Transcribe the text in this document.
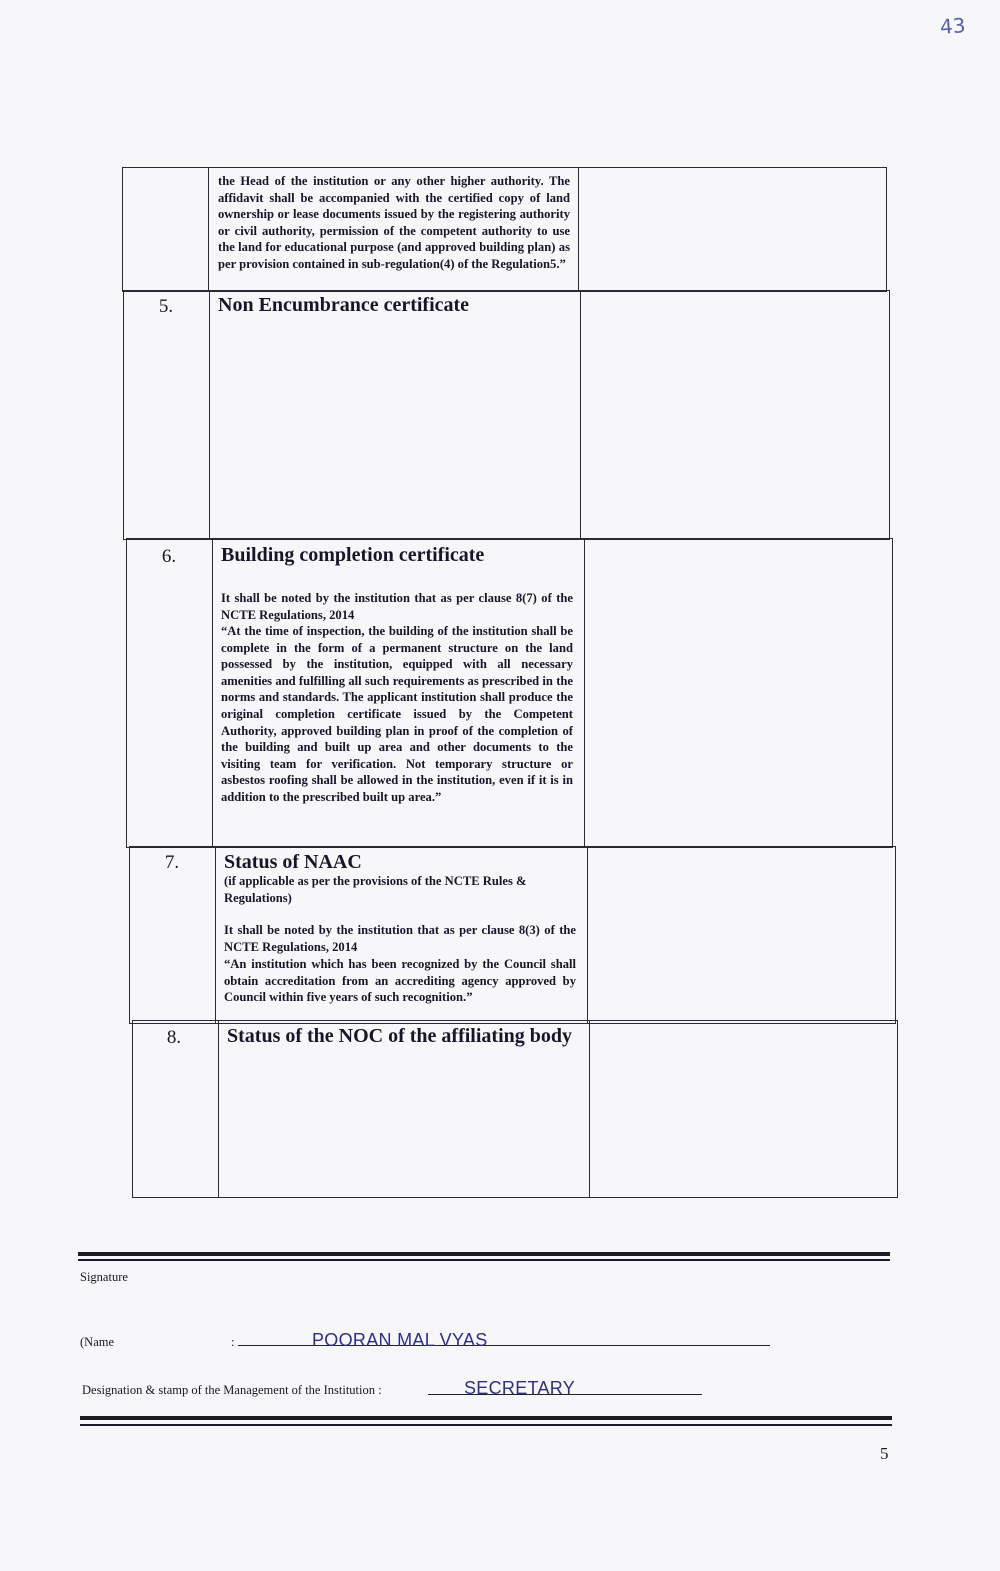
43

the Head of the institution or any other higher authority. The affidavit shall be accompanied with the certified copy of land ownership or lease documents issued by the registering authority or civil authority, permission of the competent authority to use the land for educational purpose (and approved building plan) as per provision contained in sub-regulation(4) of the Regulation5.”

5.	Non Encumbrance certificate
6.	Building completion certificate

It shall be noted by the institution that as per clause 8(7) of the NCTE Regulations, 2014

“At the time of inspection, the building of the institution shall be complete in the form of a permanent structure on the land possessed by the institution, equipped with all necessary amenities and fulfilling all such requirements as prescribed in the norms and standards. The applicant institution shall produce the original completion certificate issued by the Competent Authority, approved building plan in proof of the completion of the building and built up area and other documents to the visiting team for verification. Not temporary structure or asbestos roofing shall be allowed in the institution, even if it is in addition to the prescribed built up area.”

7.	Status of NAAC

(if applicable as per the provisions of the NCTE Rules & Regulations)

It shall be noted by the institution that as per clause 8(3) of the NCTE Regulations, 2014

“An institution which has been recognized by the Council shall obtain accreditation from an accrediting agency approved by Council within five years of such recognition.”

8.	Status of the NOC of the affiliating body
Signature
(Name	:	POORAN MAL VYAS
Designation & stamp of the Management of the Institution :	SECRETARY
5
